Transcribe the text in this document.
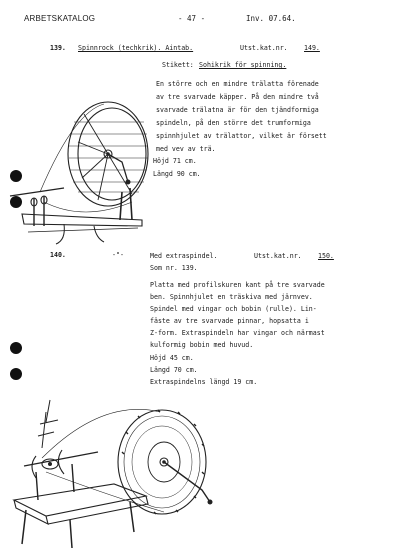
ARBETSKATALOG	- 47 -	Inv. 07.64.
139. Spinnrock (techkrik). Aintab.	Utst.kat.nr. 149.
Stikett: Sohikrik för spinning.
En större och en mindre trälatta förenade
av tre svarvade käpper. På den mindre två
svarvade trälatna är för den tjändformiga
spindeln, på den större det trumformiga
spinnhjulet av trälattor, vilket är försett
med vev av trä.
Höjd 71 cm.
Längd 90 cm.
140.	-"-	Med extraspindel.	Utst.kat.nr. 150.
Som nr. 139.
Platta med profilskuren kant på tre svarvade
ben. Spinnhjulet en träskiva med järnvev.
Spindel med vingar och bobin (rulle). Lin-
fäste av tre svarvade pinnar, hopsatta i
Z-form. Extraspindeln har vingar och närmast
kulformig bobin med huvud.
Höjd 45 cm.
Längd 70 cm.
Extraspindelns längd 19 cm.
